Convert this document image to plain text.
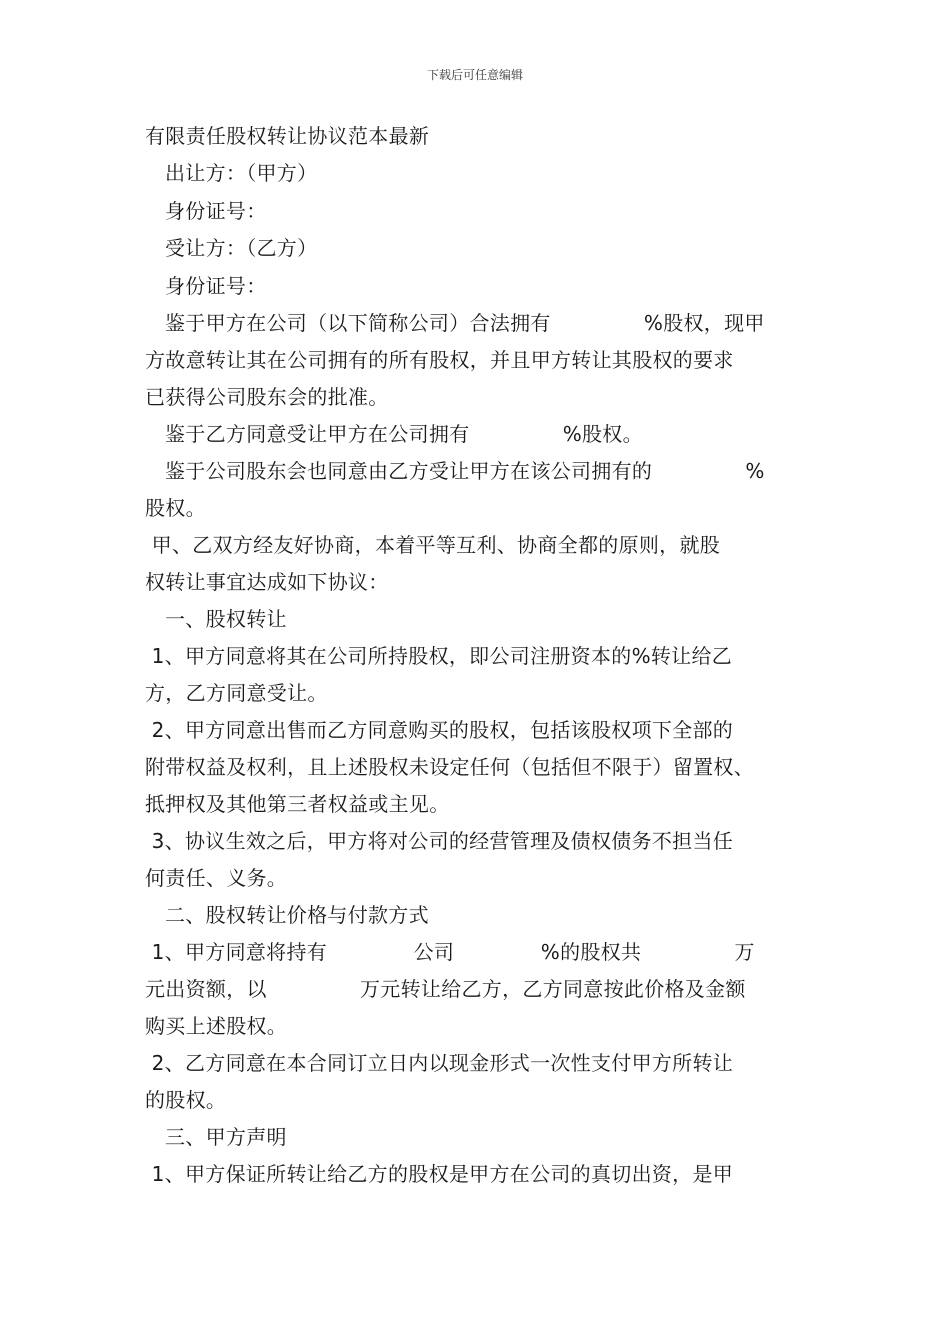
下载后可任意编辑
有限责任股权转让协议范本最新
出让方：（甲方）
身份证号：
受让方：（乙方）
身份证号：
鉴于甲方在公司（以下简称公司）合法拥有              %股权，现甲
方故意转让其在公司拥有的所有股权，并且甲方转让其股权的要求
已获得公司股东会的批准。
鉴于乙方同意受让甲方在公司拥有              %股权。
鉴于公司股东会也同意由乙方受让甲方在该公司拥有的              %
股权。
甲、乙双方经友好协商，本着平等互利、协商全都的原则，就股
权转让事宜达成如下协议：
一、股权转让
1、甲方同意将其在公司所持股权，即公司注册资本的%转让给乙
方，乙方同意受让。
2、甲方同意出售而乙方同意购买的股权，包括该股权项下全部的
附带权益及权利，且上述股权未设定任何（包括但不限于）留置权、
抵押权及其他第三者权益或主见。
3、协议生效之后，甲方将对公司的经营管理及债权债务不担当任
何责任、义务。
二、股权转让价格与付款方式
1、甲方同意将持有             公司             %的股权共              万
元出资额，以              万元转让给乙方，乙方同意按此价格及金额
购买上述股权。
2、乙方同意在本合同订立日内以现金形式一次性支付甲方所转让
的股权。
三、甲方声明
1、甲方保证所转让给乙方的股权是甲方在公司的真切出资，是甲
